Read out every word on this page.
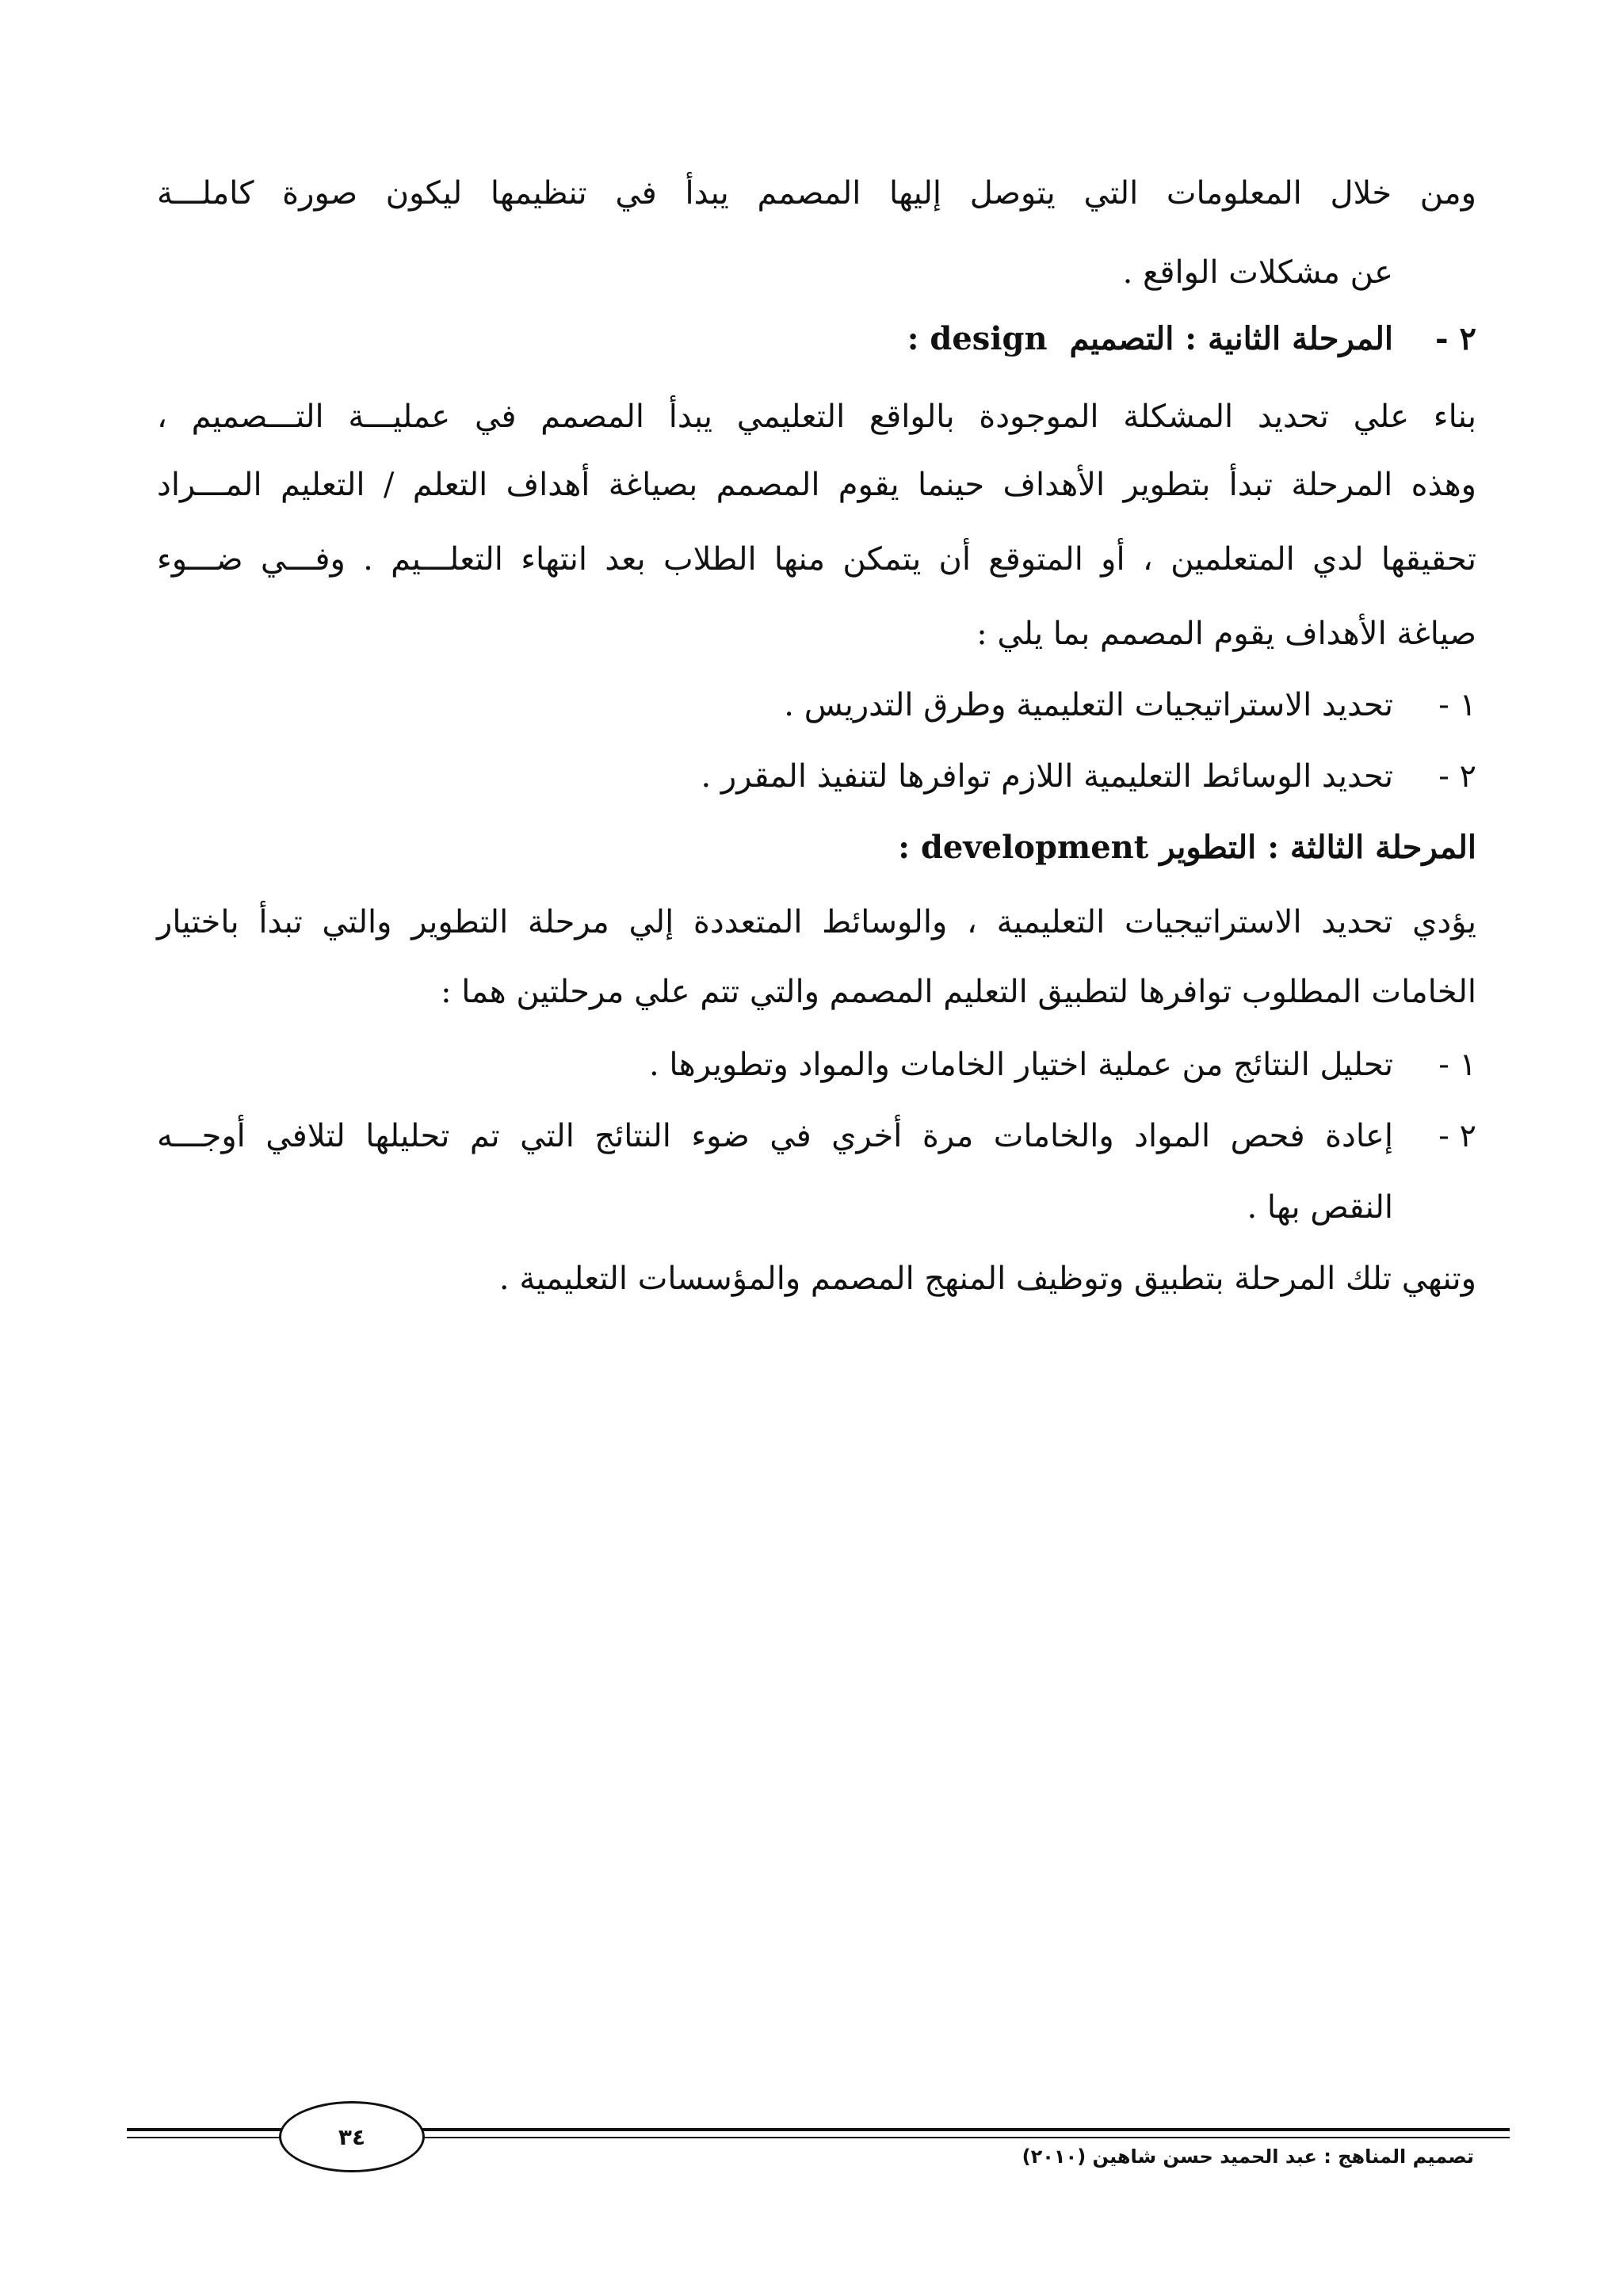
ومن خلال المعلومات التي يتوصل إليها المصمم يبدأ في تنظيمها ليكون صورة كاملـــة
عن مشكلات الواقع .
٢ -
المرحلة الثانية : التصميم  design :
بناء علي تحديد المشكلة الموجودة بالواقع التعليمي يبدأ المصمم في عمليـــة التـــصميم ،
وهذه المرحلة تبدأ بتطوير الأهداف حينما يقوم المصمم بصياغة أهداف التعلم / التعليم المـــراد
تحقيقها لدي المتعلمين ، أو المتوقع أن يتمكن منها الطلاب بعد انتهاء التعلـــيم . وفـــي ضـــوء
صياغة الأهداف يقوم المصمم بما يلي :
١ -
تحديد الاستراتيجيات التعليمية وطرق التدريس .
٢ -
تحديد الوسائط التعليمية اللازم توافرها لتنفيذ المقرر .
المرحلة الثالثة : التطوير development :
يؤدي تحديد الاستراتيجيات التعليمية ، والوسائط المتعددة إلي مرحلة التطوير والتي تبدأ باختيار
الخامات المطلوب توافرها لتطبيق التعليم المصمم والتي تتم علي مرحلتين هما :
١ -
تحليل النتائج من عملية اختيار الخامات والمواد وتطويرها .
٢ -
إعادة فحص المواد والخامات مرة أخري في ضوء النتائج التي تم تحليلها لتلافي أوجـــه
النقص بها .
وتنهي تلك المرحلة بتطبيق وتوظيف المنهج المصمم والمؤسسات التعليمية .
٣٤
تصميم المناهج : عبد الحميد حسن شاهين (٢٠١٠)
